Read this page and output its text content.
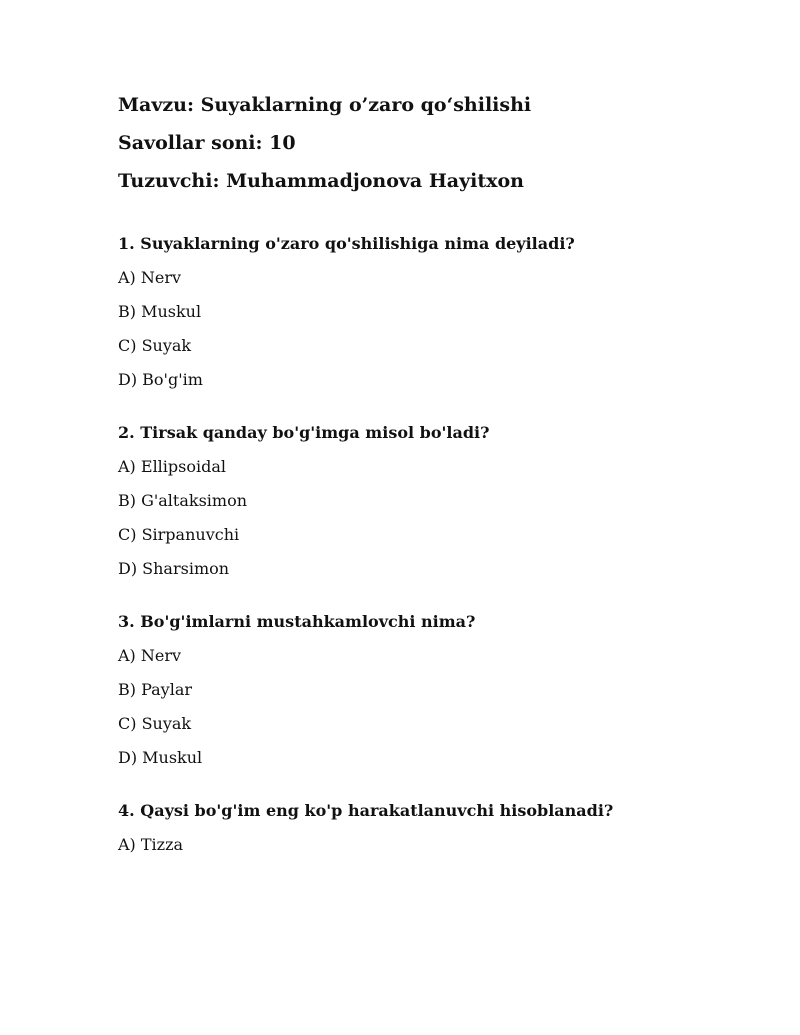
Mavzu: Suyaklarning o’zaro qo‘shilishi
Savollar soni: 10
Tuzuvchi: Muhammadjonova Hayitxon
1. Suyaklarning o'zaro qo'shilishiga nima deyiladi?
A) Nerv
B) Muskul
C) Suyak
D) Bo'g'im
2. Tirsak qanday bo'g'imga misol bo'ladi?
A) Ellipsoidal
B) G'altaksimon
C) Sirpanuvchi
D) Sharsimon
3. Bo'g'imlarni mustahkamlovchi nima?
A) Nerv
B) Paylar
C) Suyak
D) Muskul
4. Qaysi bo'g'im eng ko'p harakatlanuvchi hisoblanadi?
A) Tizza
